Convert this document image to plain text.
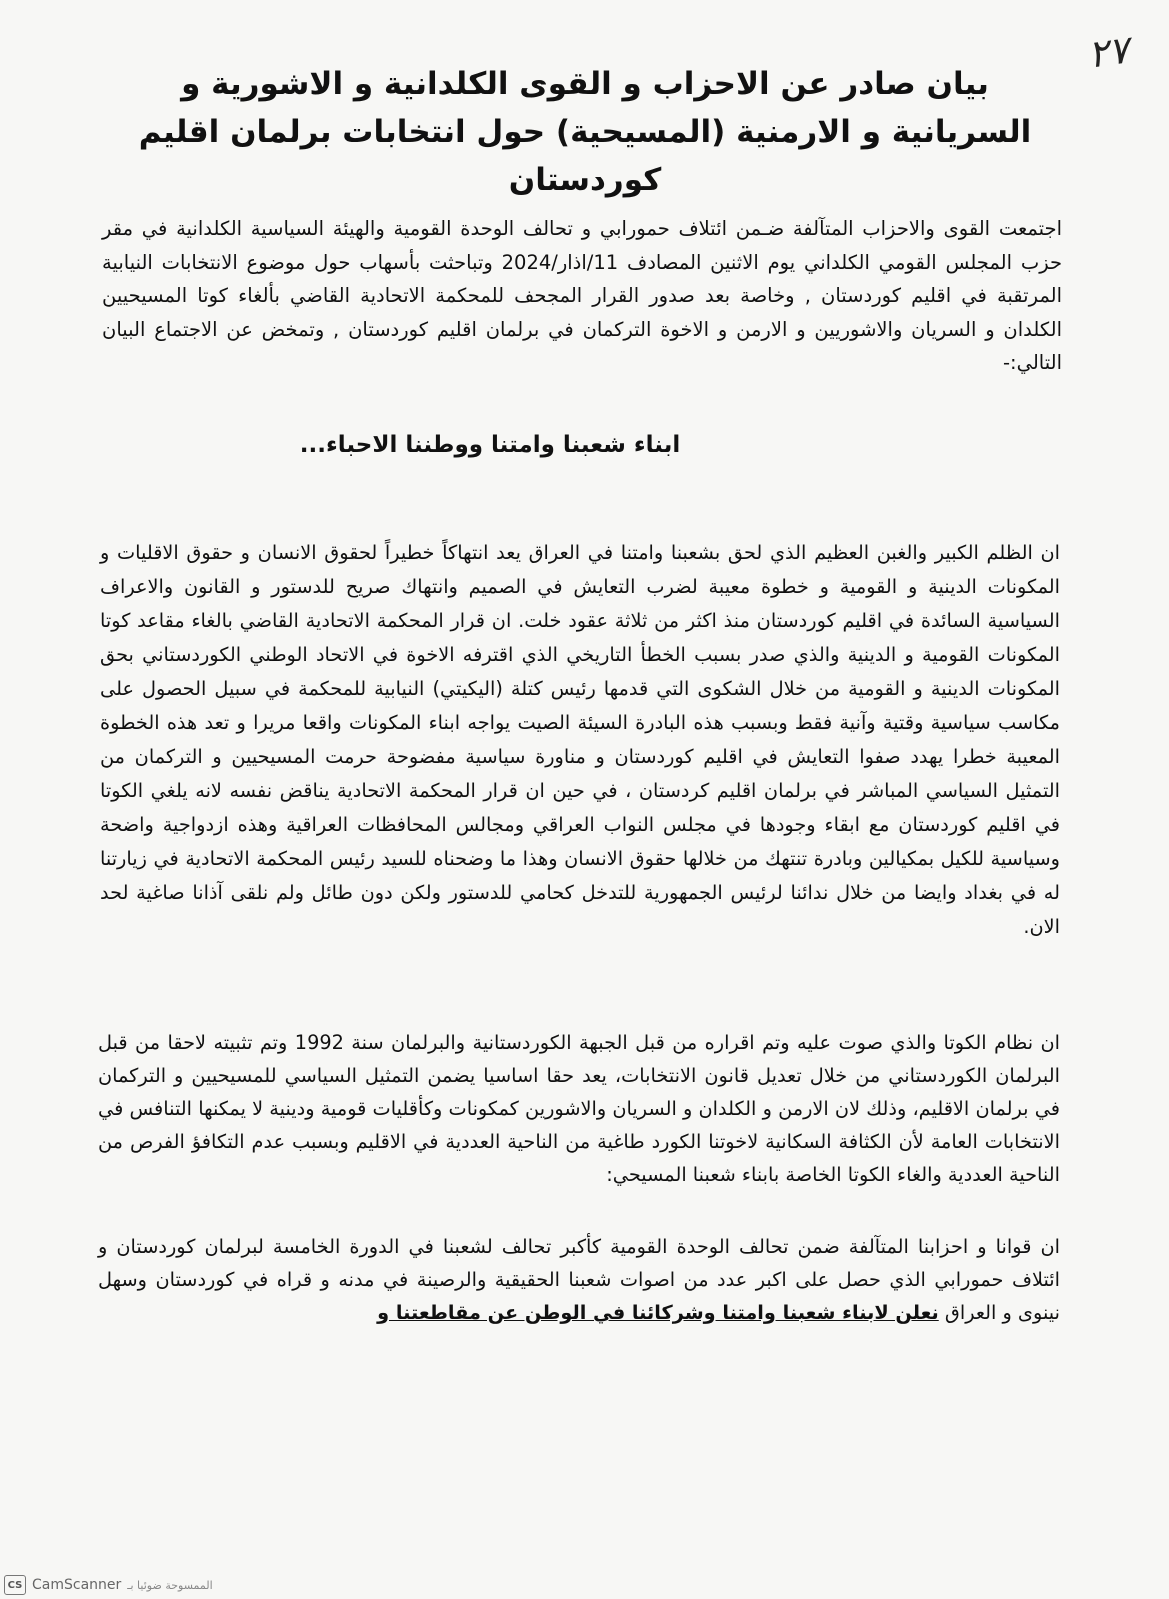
٢٧
بيان صادر عن الاحزاب و القوى الكلدانية و الاشورية و السريانية و الارمنية (المسيحية) حول انتخابات برلمان اقليم كوردستان
اجتمعت القوى والاحزاب المتآلفة ضـمن ائتلاف حمورابي و تحالف الوحدة القومية والهيئة السياسية الكلدانية في مقر حزب المجلس القومي الكلداني يوم الاثنين المصادف 11/اذار/2024 وتباحثت بأسهاب حول موضوع الانتخابات النيابية المرتقبة في اقليم كوردستان , وخاصة بعد صدور القرار المجحف للمحكمة الاتحادية القاضي بألغاء كوتا المسيحيين الكلدان و السريان والاشوريين و الارمن و الاخوة التركمان في برلمان اقليم كوردستان , وتمخض عن الاجتماع البيان التالي:-
ابناء شعبنا وامتنا ووطننا الاحباء...
ان الظلم الكبير والغبن العظيم الذي لحق بشعبنا وامتنا في العراق يعد انتهاكاً خطيراً لحقوق الانسان و حقوق الاقليات و المكونات الدينية و القومية و خطوة معيبة لضرب التعايش في الصميم وانتهاك صريح للدستور و القانون والاعراف السياسية السائدة في اقليم كوردستان منذ اكثر من ثلاثة عقود خلت. ان قرار المحكمة الاتحادية القاضي بالغاء مقاعد كوتا المكونات القومية و الدينية والذي صدر بسبب الخطأ التاريخي الذي اقترفه الاخوة في الاتحاد الوطني الكوردستاني بحق المكونات الدينية و القومية من خلال الشكوى التي قدمها رئيس كتلة (اليكيتي) النيابية للمحكمة في سبيل الحصول على مكاسب سياسية وقتية وآنية فقط وبسبب هذه البادرة السيئة الصيت يواجه ابناء المكونات واقعا مريرا و تعد هذه الخطوة المعيبة خطرا يهدد صفوا التعايش في اقليم كوردستان و مناورة سياسية مفضوحة حرمت المسيحيين و التركمان من التمثيل السياسي المباشر في برلمان اقليم كردستان ، في حين ان قرار المحكمة الاتحادية يناقض نفسه لانه يلغي الكوتا في اقليم كوردستان مع ابقاء وجودها في مجلس النواب العراقي ومجالس المحافظات العراقية وهذه ازدواجية واضحة وسياسية للكيل بمكيالين وبادرة تنتهك من خلالها حقوق الانسان وهذا ما وضحناه للسيد رئيس المحكمة الاتحادية في زيارتنا له في بغداد وايضا من خلال ندائنا لرئيس الجمهورية للتدخل كحامي للدستور ولكن دون طائل ولم نلقى آذانا صاغية لحد الان.
ان نظام الكوتا والذي صوت عليه وتم اقراره من قبل الجبهة الكوردستانية والبرلمان سنة 1992 وتم تثبيته لاحقا من قبل البرلمان الكوردستاني من خلال تعديل قانون الانتخابات، يعد حقا اساسيا يضمن التمثيل السياسي للمسيحيين و التركمان في برلمان الاقليم، وذلك لان الارمن و الكلدان و السريان والاشورين كمكونات وكأقليات قومية ودينية لا يمكنها التنافس في الانتخابات العامة لأن الكثافة السكانية لاخوتنا الكورد طاغية من الناحية العددية في الاقليم وبسبب عدم التكافؤ الفرص من الناحية العددية والغاء الكوتا الخاصة بابناء شعبنا المسيحي:
ان قوانا و احزابنا المتآلفة ضمن تحالف الوحدة القومية كأكبر تحالف لشعبنا في الدورة الخامسة لبرلمان كوردستان و ائتلاف حمورابي الذي حصل على اكبر عدد من اصوات شعبنا الحقيقية والرصينة في مدنه و قراه في كوردستان وسهل نينوى و العراق نعلن لابناء شعبنا وامتنا وشركائنا في الوطن عن مقاطعتنا و
CS CamScanner الممسوحة ضوئيا بـ
